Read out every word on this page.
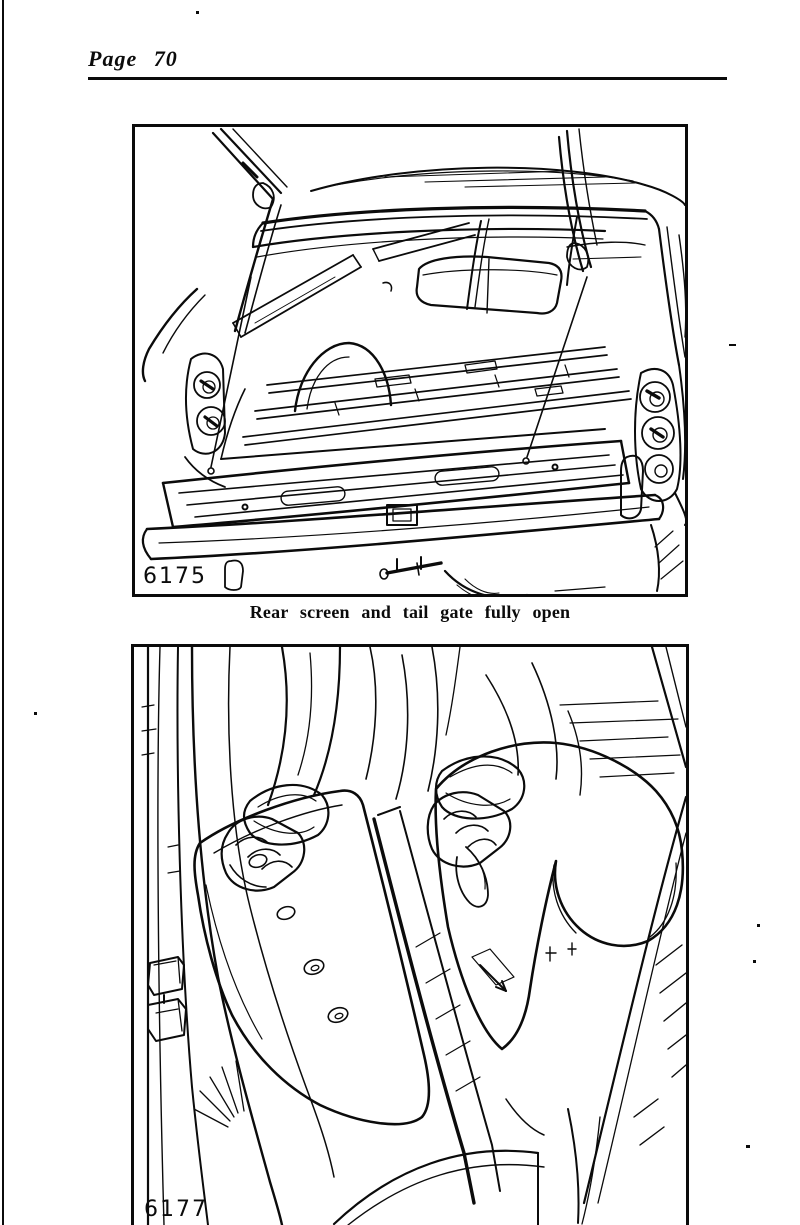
Page 70
6175
Rear screen and tail gate fully open
6177
